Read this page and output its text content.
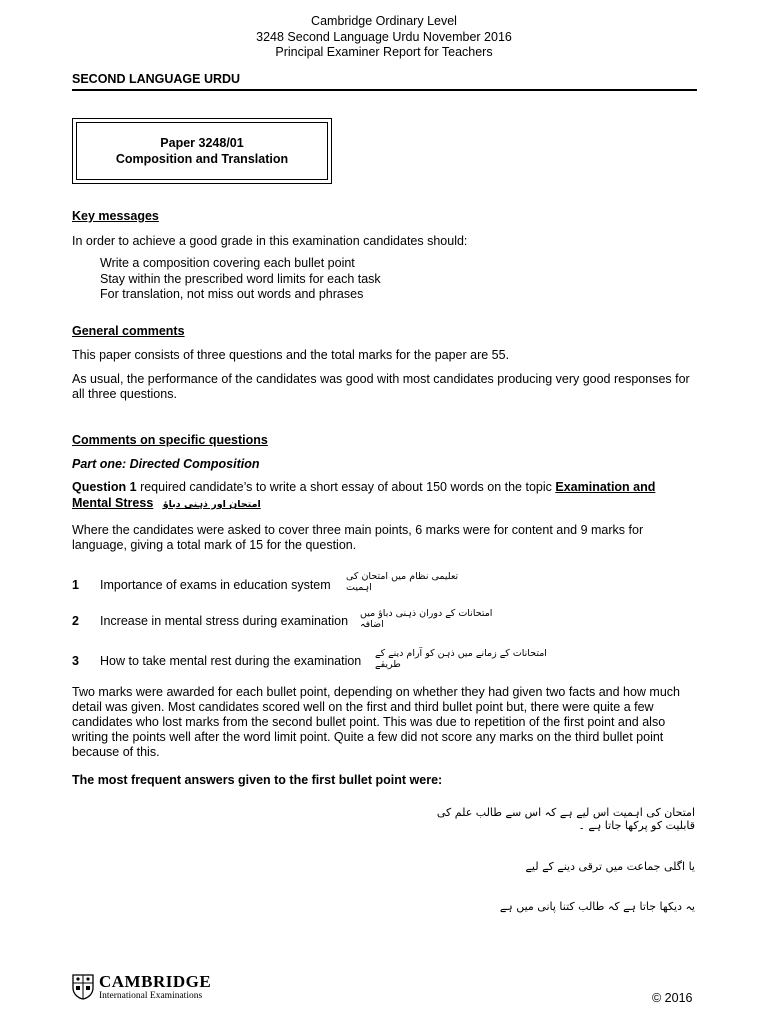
Cambridge Ordinary Level
3248 Second Language Urdu November 2016
Principal Examiner Report for Teachers
SECOND LANGUAGE URDU
Paper 3248/01
Composition and Translation
Key messages
In order to achieve a good grade in this examination candidates should:
Write a composition covering each bullet point
Stay within the prescribed word limits for each task
For translation, not miss out words and phrases
General comments
This paper consists of three questions and the total marks for the paper are 55.
As usual, the performance of the candidates was good with most candidates producing very good responses for all three questions.
Comments on specific questions
Part one: Directed Composition
Question 1 required candidate’s to write a short essay of about 150 words on the topic Examination and
Mental Stress امتحان اور ذہنی دباؤ
Where the candidates were asked to cover three main points, 6 marks were for content and 9 marks for language, giving a total mark of 15 for the question.
1 Importance of exams in education system
تعلیمی نظام میں امتحان کی اہمیت
2 Increase in mental stress during examination
امتحانات کے دوران ذہنی دباؤ میں اضافہ
3 How to take mental rest during the examination
امتحانات کے زمانے میں ذہن کو آرام دینے کے طریقے
Two marks were awarded for each bullet point, depending on whether they had given two facts and how much detail was given. Most candidates scored well on the first and third bullet point but, there were quite a few candidates who lost marks from the second bullet point. This was due to repetition of the first point and also writing the points well after the word limit point. Quite a few did not score any marks on the third bullet point because of this.
The most frequent answers given to the first bullet point were:
امتحان کی اہمیت اس لیے ہے کہ اس سے طالب علم کی قابلیت کو پرکھا جاتا ہے ۔
یا اگلی جماعت میں ترقی دینے کے لیے
یہ دیکھا جاتا ہے کہ طالب کتنا پانی میں ہے
CAMBRIDGE
International Examinations	© 2016
